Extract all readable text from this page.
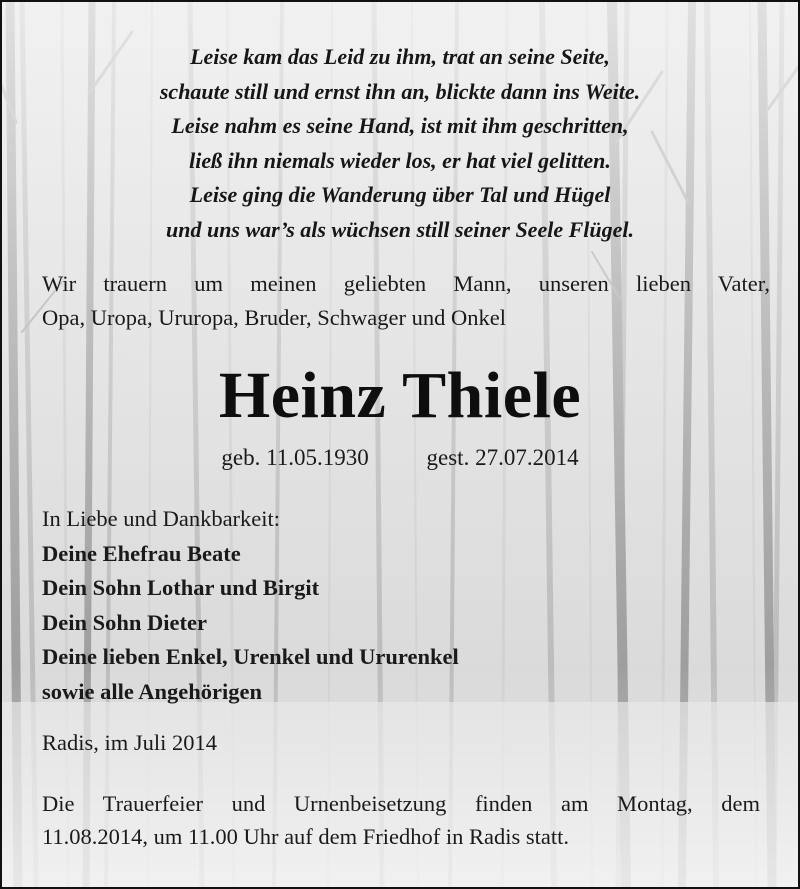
Leise kam das Leid zu ihm, trat an seine Seite,
schaute still und ernst ihn an, blickte dann ins Weite.
Leise nahm es seine Hand, ist mit ihm geschritten,
ließ ihn niemals wieder los, er hat viel gelitten.
Leise ging die Wanderung über Tal und Hügel
und uns war’s als wüchsen still seiner Seele Flügel.
Wir trauern um meinen geliebten Mann, unseren lieben Vater,
Opa, Uropa, Ururopa, Bruder, Schwager und Onkel
Heinz Thiele
geb. 11.05.1930	gest. 27.07.2014
In Liebe und Dankbarkeit:
Deine Ehefrau Beate
Dein Sohn Lothar und Birgit
Dein Sohn Dieter
Deine lieben Enkel, Urenkel und Ururenkel
sowie alle Angehörigen
Radis, im Juli 2014
Die Trauerfeier und Urnenbeisetzung finden am Montag, dem
11.08.2014, um 11.00 Uhr auf dem Friedhof in Radis statt.
